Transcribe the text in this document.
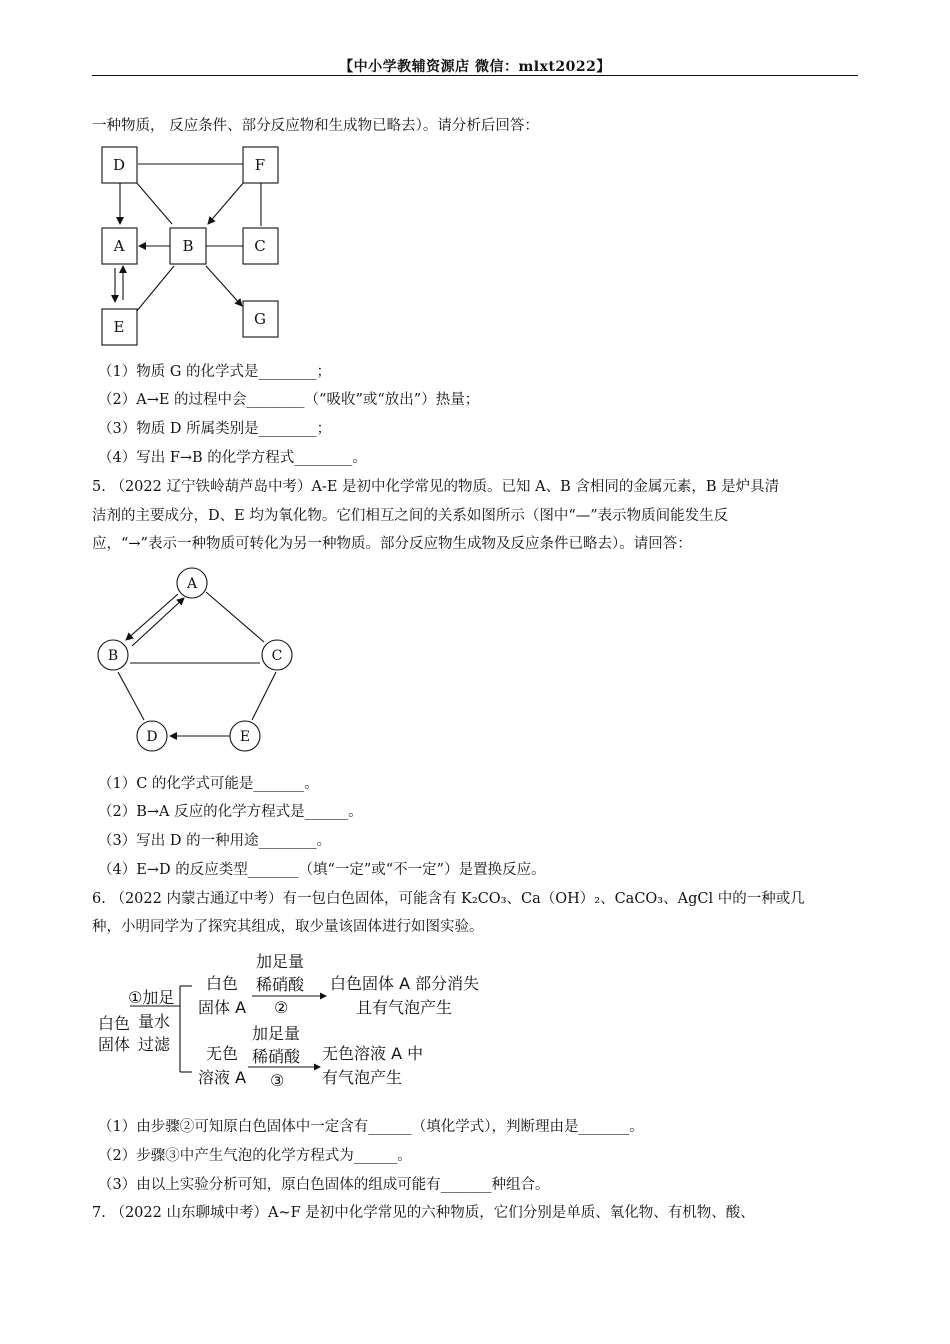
【中小学教辅资源店 微信：mlxt2022】
一种物质， 反应条件、部分反应物和生成物已略去）。请分析后回答：
D	F
A	B	C
E	G
（1）物质 G 的化学式是________；
（2）A→E 的过程中会________（“吸收”或“放出”）热量；
（3）物质 D 所属类别是________；
（4）写出 F→B 的化学方程式________。
5. （2022 辽宁铁岭葫芦岛中考）A-E 是初中化学常见的物质。已知 A、B 含相同的金属元素，B 是炉具清
洁剂的主要成分，D、E 均为氧化物。它们相互之间的关系如图所示（图中“—”表示物质间能发生反
应，“→”表示一种物质可转化为另一种物质。部分反应物生成物及反应条件已略去）。请回答：
A
B	C
D	E
（1）C 的化学式可能是_______。
（2）B→A 反应的化学方程式是______。
（3）写出 D 的一种用途________。
（4）E→D 的反应类型_______（填“一定”或“不一定”）是置换反应。
6. （2022 内蒙古通辽中考）有一包白色固体，可能含有 K₂CO₃、Ca（OH）₂、CaCO₃、AgCl 中的一种或几
种，小明同学为了探究其组成，取少量该固体进行如图实验。
白色
固体
①加足
量水
过滤
白色
固体 A
无色
溶液 A
加足量
稀硝酸
②
加足量
稀硝酸
③
白色固体 A 部分消失
且有气泡产生
无色溶液 A 中
有气泡产生
（1）由步骤②可知原白色固体中一定含有______（填化学式），判断理由是_______。
（2）步骤③中产生气泡的化学方程式为______。
（3）由以上实验分析可知，原白色固体的组成可能有_______种组合。
7. （2022 山东聊城中考）A~F 是初中化学常见的六种物质，它们分别是单质、氧化物、有机物、酸、
